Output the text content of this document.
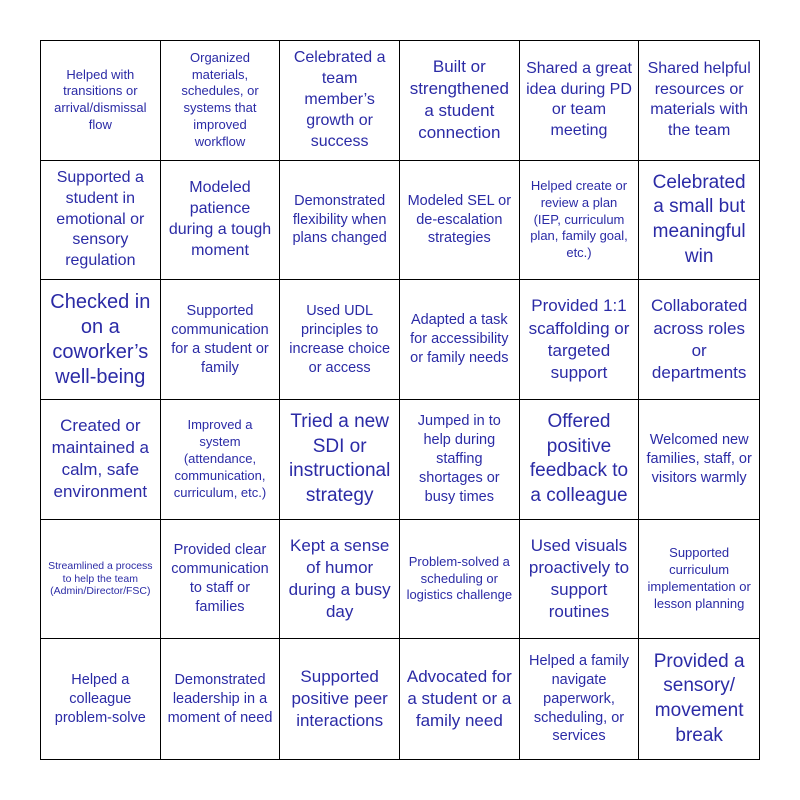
Helped with transitions or arrival/dismissal flow
Organized materials, schedules, or systems that improved workflow
Celebrated a team member’s growth or success
Built or strengthened a student connection
Shared a great idea during PD or team meeting
Shared helpful resources or materials with the team
Supported a student in emotional or sensory regulation
Modeled patience during a tough moment
Demonstrated flexibility when plans changed
Modeled SEL or de-escalation strategies
Helped create or review a plan (IEP, curriculum plan, family goal, etc.)
Celebrated a small but meaningful win
Checked in on a coworker’s well-being
Supported communication for a student or family
Used UDL principles to increase choice or access
Adapted a task for accessibility or family needs
Provided 1:1 scaffolding or targeted support
Collaborated across roles or departments
Created or maintained a calm, safe environment
Improved a system (attendance, communication, curriculum, etc.)
Tried a new SDI or instructional strategy
Jumped in to help during staffing shortages or busy times
Offered positive feedback to a colleague
Welcomed new families, staff, or visitors warmly
Streamlined a process to help the team (Admin/Director/FSC)
Provided clear communication to staff or families
Kept a sense of humor during a busy day
Problem-solved a scheduling or logistics challenge
Used visuals proactively to support routines
Supported curriculum implementation or lesson planning
Helped a colleague problem-solve
Demonstrated leadership in a moment of need
Supported positive peer interactions
Advocated for a student or a family need
Helped a family navigate paperwork, scheduling, or services
Provided a sensory/ movement break
